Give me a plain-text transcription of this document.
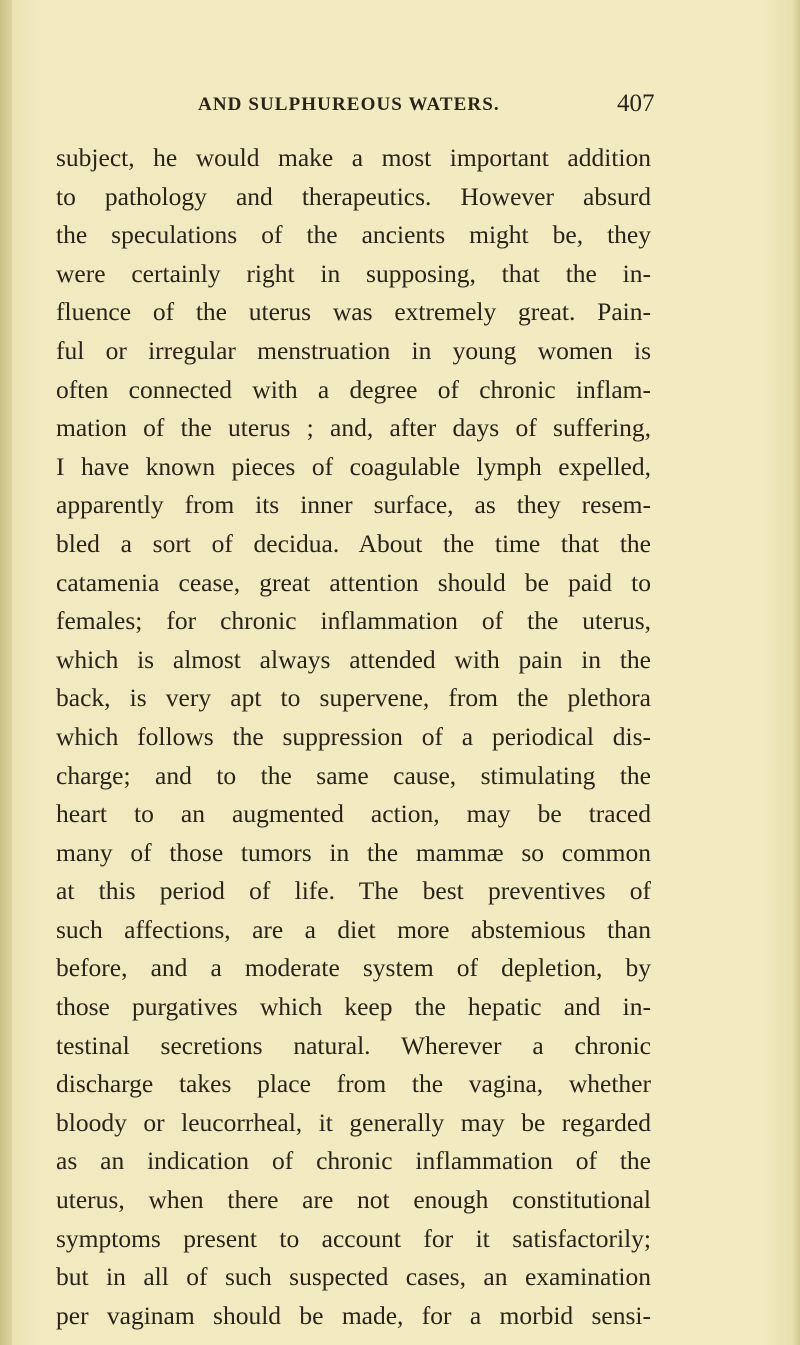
AND SULPHUREOUS WATERS.	407
subject, he would make a most important addition
to pathology and therapeutics. However absurd
the speculations of the ancients might be, they
were certainly right in supposing, that the in-
fluence of the uterus was extremely great. Pain-
ful or irregular menstruation in young women is
often connected with a degree of chronic inflam-
mation of the uterus ; and, after days of suffering,
I have known pieces of coagulable lymph expelled,
apparently from its inner surface, as they resem-
bled a sort of decidua. About the time that the
catamenia cease, great attention should be paid to
females; for chronic inflammation of the uterus,
which is almost always attended with pain in the
back, is very apt to supervene, from the plethora
which follows the suppression of a periodical dis-
charge; and to the same cause, stimulating the
heart to an augmented action, may be traced
many of those tumors in the mammæ so common
at this period of life. The best preventives of
such affections, are a diet more abstemious than
before, and a moderate system of depletion, by
those purgatives which keep the hepatic and in-
testinal secretions natural. Wherever a chronic
discharge takes place from the vagina, whether
bloody or leucorrheal, it generally may be regarded
as an indication of chronic inflammation of the
uterus, when there are not enough constitutional
symptoms present to account for it satisfactorily;
but in all of such suspected cases, an examination
per vaginam should be made, for a morbid sensi-
